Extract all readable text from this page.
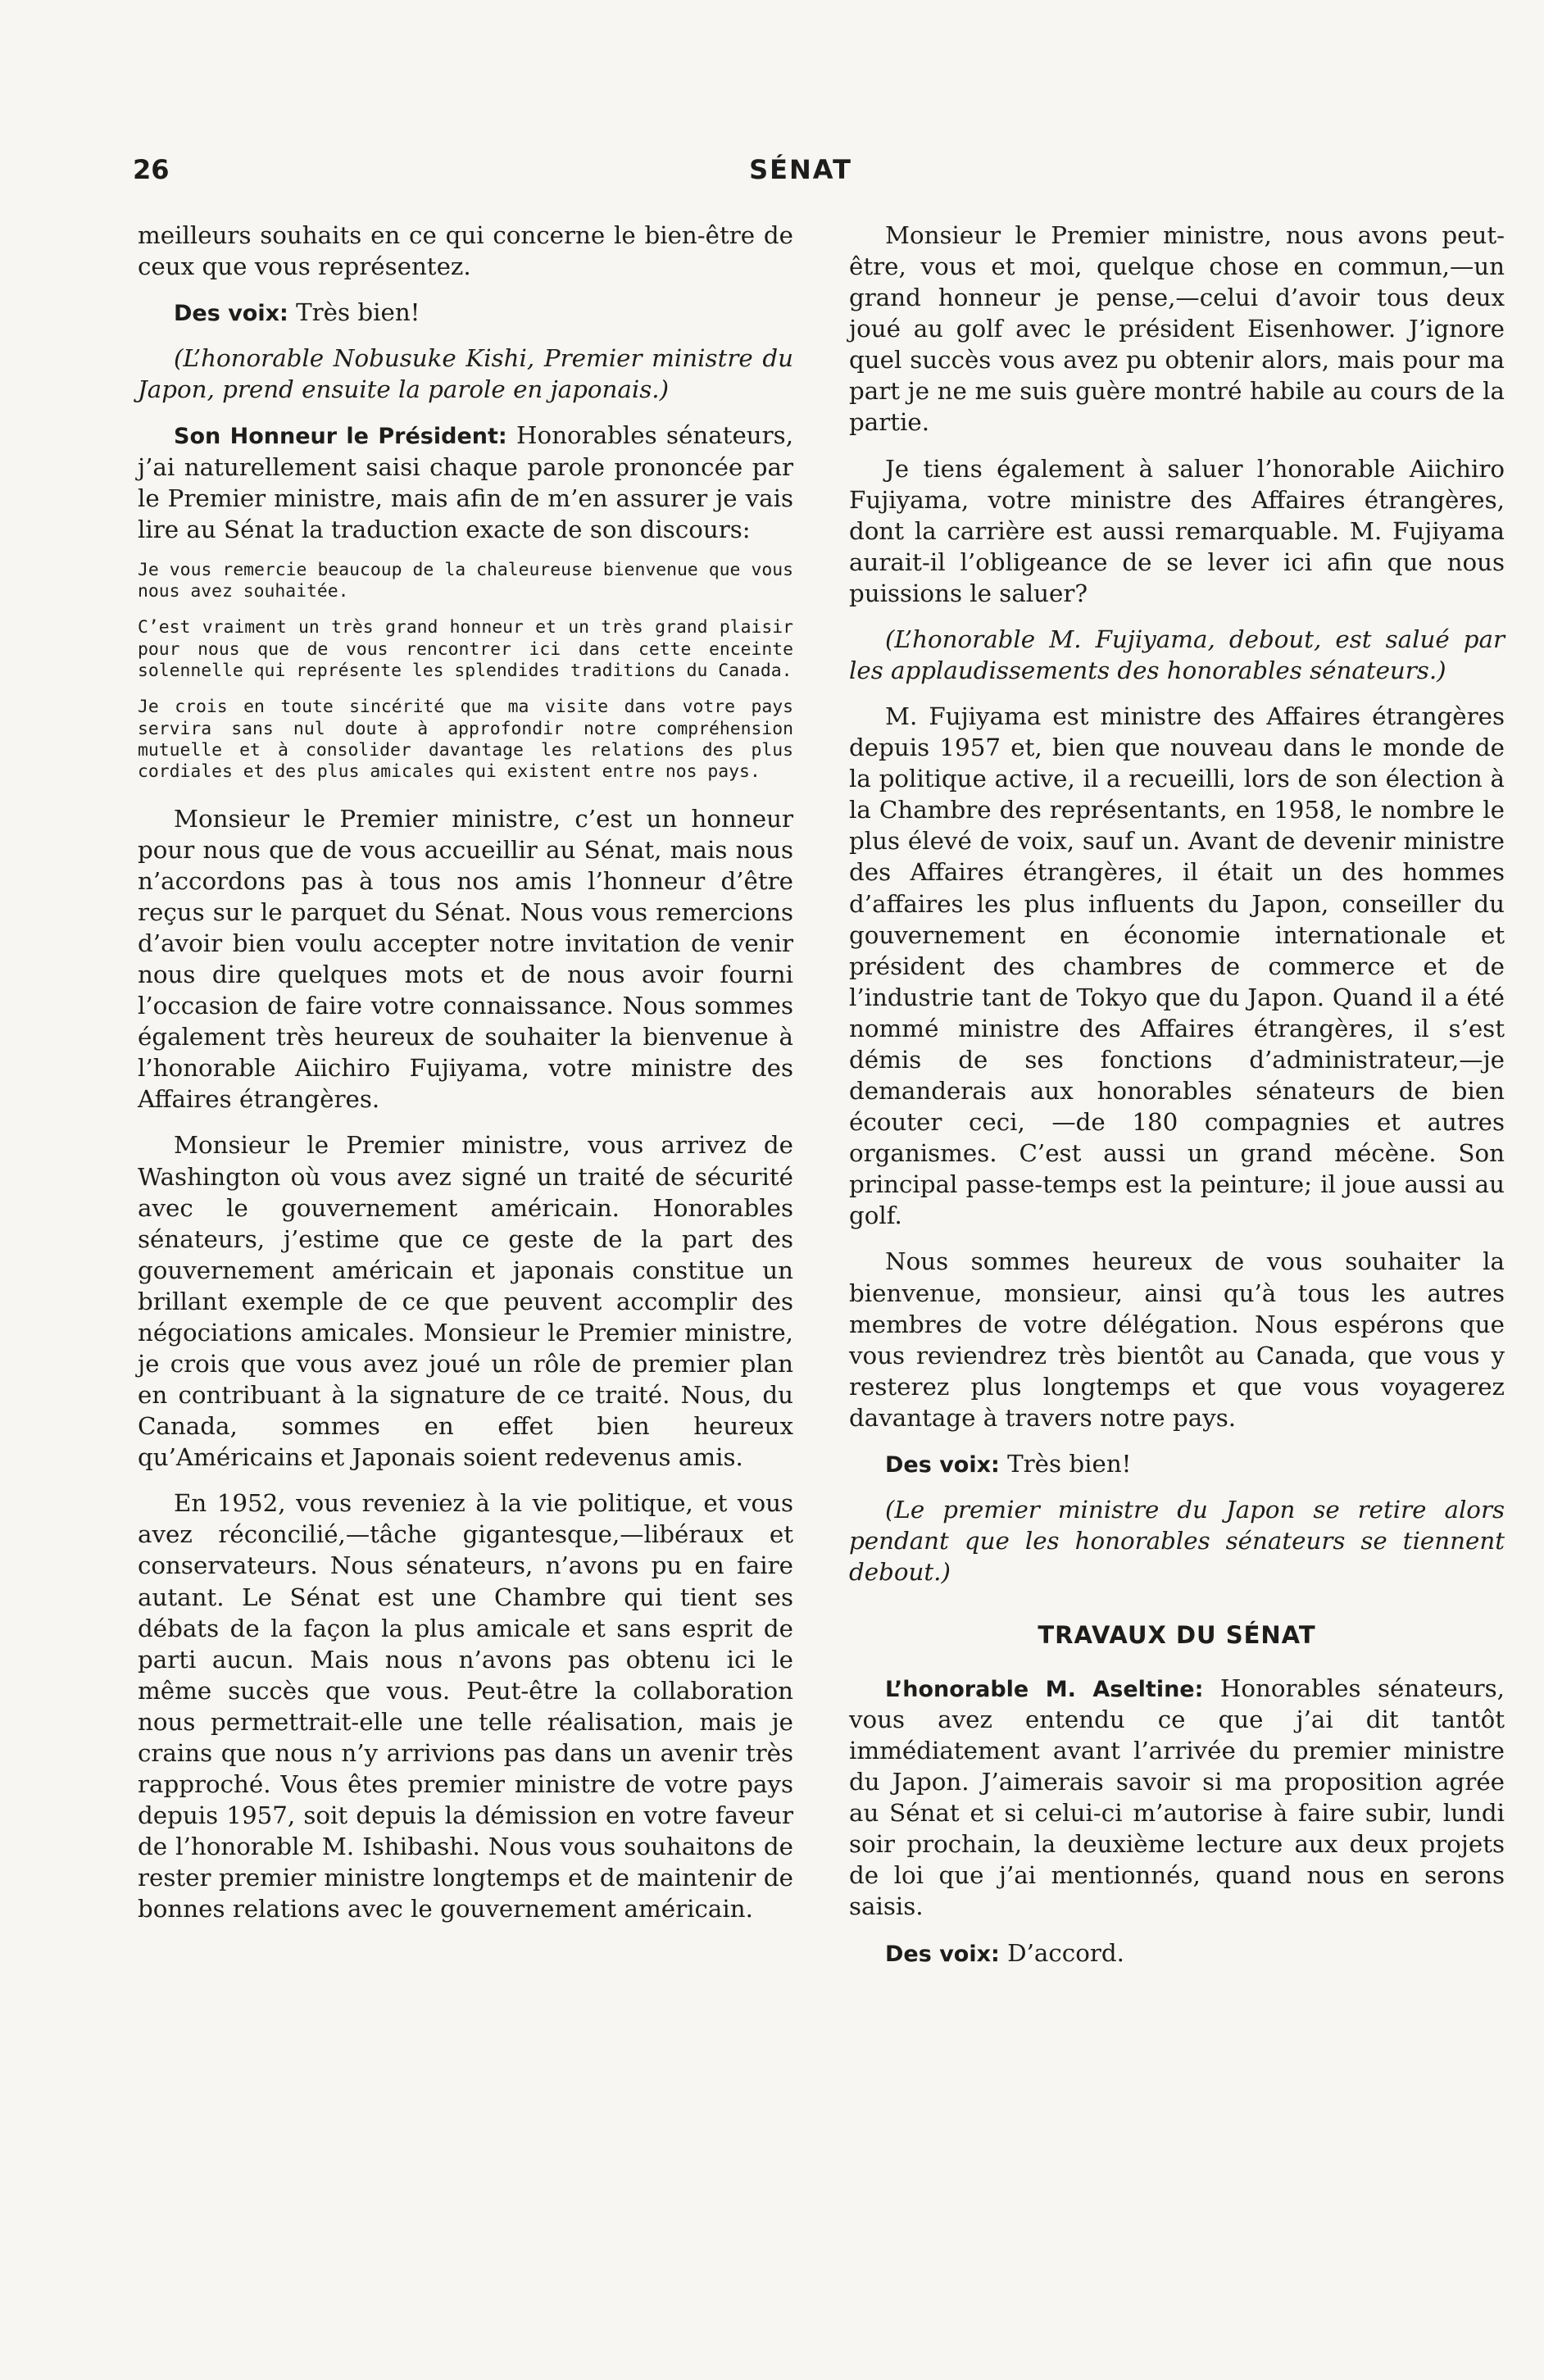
26	SÉNAT

meilleurs souhaits en ce qui concerne le bien-être de ceux que vous représentez.

Des voix: Très bien!

(L’honorable Nobusuke Kishi, Premier ministre du Japon, prend ensuite la parole en japonais.)

Son Honneur le Président: Honorables sénateurs, j’ai naturellement saisi chaque parole prononcée par le Premier ministre, mais afin de m’en assurer je vais lire au Sénat la traduction exacte de son discours:

Je vous remercie beaucoup de la chaleureuse bienvenue que vous nous avez souhaitée.

C’est vraiment un très grand honneur et un très grand plaisir pour nous que de vous rencontrer ici dans cette enceinte solennelle qui représente les splendides traditions du Canada.

Je crois en toute sincérité que ma visite dans votre pays servira sans nul doute à approfondir notre compréhension mutuelle et à consolider davantage les relations des plus cordiales et des plus amicales qui existent entre nos pays.

Monsieur le Premier ministre, c’est un honneur pour nous que de vous accueillir au Sénat, mais nous n’accordons pas à tous nos amis l’honneur d’être reçus sur le parquet du Sénat. Nous vous remercions d’avoir bien voulu accepter notre invitation de venir nous dire quelques mots et de nous avoir fourni l’occasion de faire votre connaissance. Nous sommes également très heureux de souhaiter la bienvenue à l’honorable Aiichiro Fujiyama, votre ministre des Affaires étrangères.

Monsieur le Premier ministre, vous arrivez de Washington où vous avez signé un traité de sécurité avec le gouvernement américain. Honorables sénateurs, j’estime que ce geste de la part des gouvernement américain et japonais constitue un brillant exemple de ce que peuvent accomplir des négociations amicales. Monsieur le Premier ministre, je crois que vous avez joué un rôle de premier plan en contribuant à la signature de ce traité. Nous, du Canada, sommes en effet bien heureux qu’Américains et Japonais soient redevenus amis.

En 1952, vous reveniez à la vie politique, et vous avez réconcilié,—tâche gigantesque,—libéraux et conservateurs. Nous sénateurs, n’avons pu en faire autant. Le Sénat est une Chambre qui tient ses débats de la façon la plus amicale et sans esprit de parti aucun. Mais nous n’avons pas obtenu ici le même succès que vous. Peut-être la collaboration nous permettrait-elle une telle réalisation, mais je crains que nous n’y arrivions pas dans un avenir très rapproché. Vous êtes premier ministre de votre pays depuis 1957, soit depuis la démission en votre faveur de l’honorable M. Ishibashi. Nous vous souhaitons de rester premier ministre longtemps et de maintenir de bonnes relations avec le gouvernement américain.

Monsieur le Premier ministre, nous avons peut-être, vous et moi, quelque chose en commun,—un grand honneur je pense,—celui d’avoir tous deux joué au golf avec le président Eisenhower. J’ignore quel succès vous avez pu obtenir alors, mais pour ma part je ne me suis guère montré habile au cours de la partie.

Je tiens également à saluer l’honorable Aiichiro Fujiyama, votre ministre des Affaires étrangères, dont la carrière est aussi remarquable. M. Fujiyama aurait-il l’obligeance de se lever ici afin que nous puissions le saluer?

(L’honorable M. Fujiyama, debout, est salué par les applaudissements des honorables sénateurs.)

M. Fujiyama est ministre des Affaires étrangères depuis 1957 et, bien que nouveau dans le monde de la politique active, il a recueilli, lors de son élection à la Chambre des représentants, en 1958, le nombre le plus élevé de voix, sauf un. Avant de devenir ministre des Affaires étrangères, il était un des hommes d’affaires les plus influents du Japon, conseiller du gouvernement en économie internationale et président des chambres de commerce et de l’industrie tant de Tokyo que du Japon. Quand il a été nommé ministre des Affaires étrangères, il s’est démis de ses fonctions d’administrateur,—je demanderais aux honorables sénateurs de bien écouter ceci, —de 180 compagnies et autres organismes. C’est aussi un grand mécène. Son principal passe-temps est la peinture; il joue aussi au golf.

Nous sommes heureux de vous souhaiter la bienvenue, monsieur, ainsi qu’à tous les autres membres de votre délégation. Nous espérons que vous reviendrez très bientôt au Canada, que vous y resterez plus longtemps et que vous voyagerez davantage à travers notre pays.

Des voix: Très bien!

(Le premier ministre du Japon se retire alors pendant que les honorables sénateurs se tiennent debout.)

TRAVAUX DU SÉNAT

L’honorable M. Aseltine: Honorables sénateurs, vous avez entendu ce que j’ai dit tantôt immédiatement avant l’arrivée du premier ministre du Japon. J’aimerais savoir si ma proposition agrée au Sénat et si celui-ci m’autorise à faire subir, lundi soir prochain, la deuxième lecture aux deux projets de loi que j’ai mentionnés, quand nous en serons saisis.

Des voix: D’accord.
